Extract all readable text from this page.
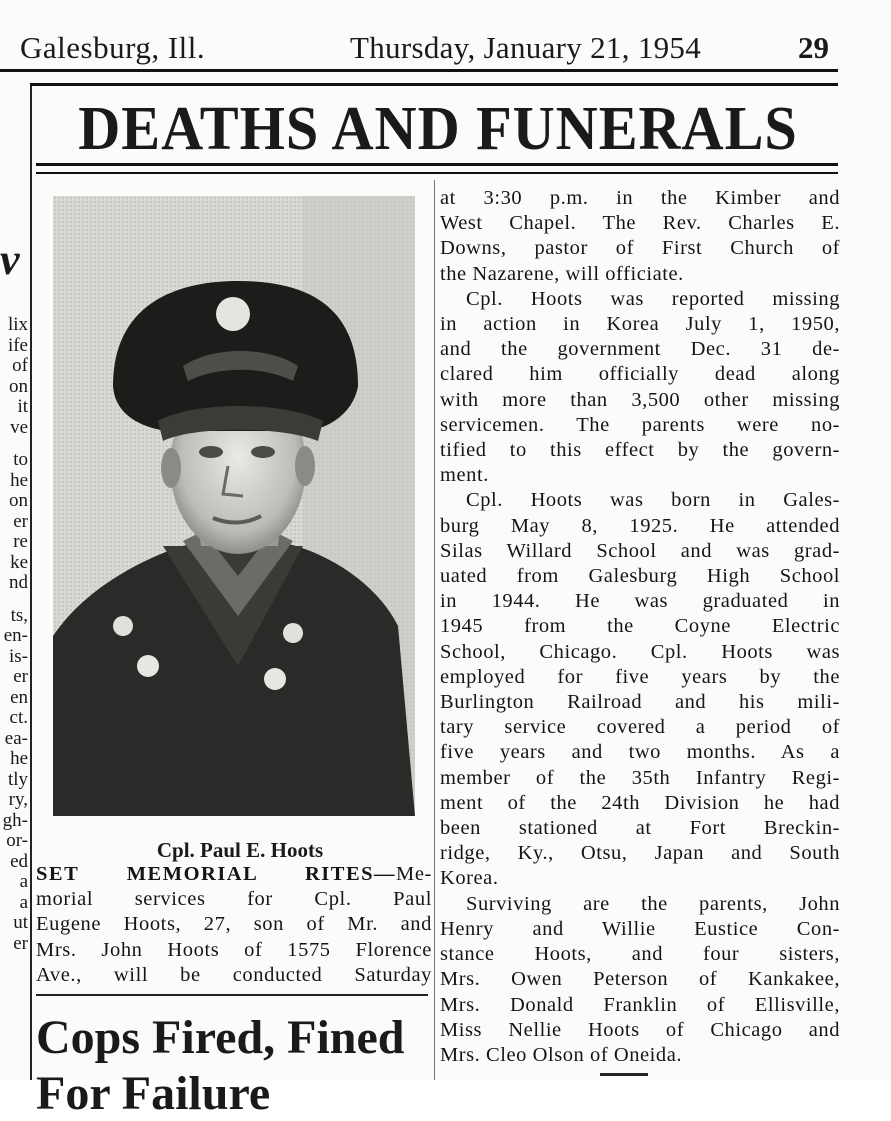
Galesburg, Ill.	Thursday, January 21, 1954	29
v
lix
ife
of
on
it
ve
to
he
on
er
re
ke
nd
ts,
en-
is-
er
en
ct.
ea-
he
tly
ry,
gh-
or-
ed
a
a
ut
er
DEATHS AND FUNERALS
Cpl. Paul E. Hoots
SET MEMORIAL RITES—Me-
morial services for Cpl. Paul
Eugene Hoots, 27, son of Mr. and
Mrs. John Hoots of 1575 Florence
Ave., will be conducted Saturday
at 3:30 p.m. in the Kimber and
West Chapel. The Rev. Charles E.
Downs, pastor of First Church of
the Nazarene, will officiate.
Cpl. Hoots was reported missing
in action in Korea July 1, 1950,
and the government Dec. 31 de-
clared him officially dead along
with more than 3,500 other missing
servicemen. The parents were no-
tified to this effect by the govern-
ment.
Cpl. Hoots was born in Gales-
burg May 8, 1925. He attended
Silas Willard School and was grad-
uated from Galesburg High School
in 1944. He was graduated in
1945 from the Coyne Electric
School, Chicago. Cpl. Hoots was
employed for five years by the
Burlington Railroad and his mili-
tary service covered a period of
five years and two months. As a
member of the 35th Infantry Regi-
ment of the 24th Division he had
been stationed at Fort Breckin-
ridge, Ky., Otsu, Japan and South
Korea.
Surviving are the parents, John
Henry and Willie Eustice Con-
stance Hoots, and four sisters,
Mrs. Owen Peterson of Kankakee,
Mrs. Donald Franklin of Ellisville,
Miss Nellie Hoots of Chicago and
Mrs. Cleo Olson of Oneida.
Cops Fired, Fined
For Failure
